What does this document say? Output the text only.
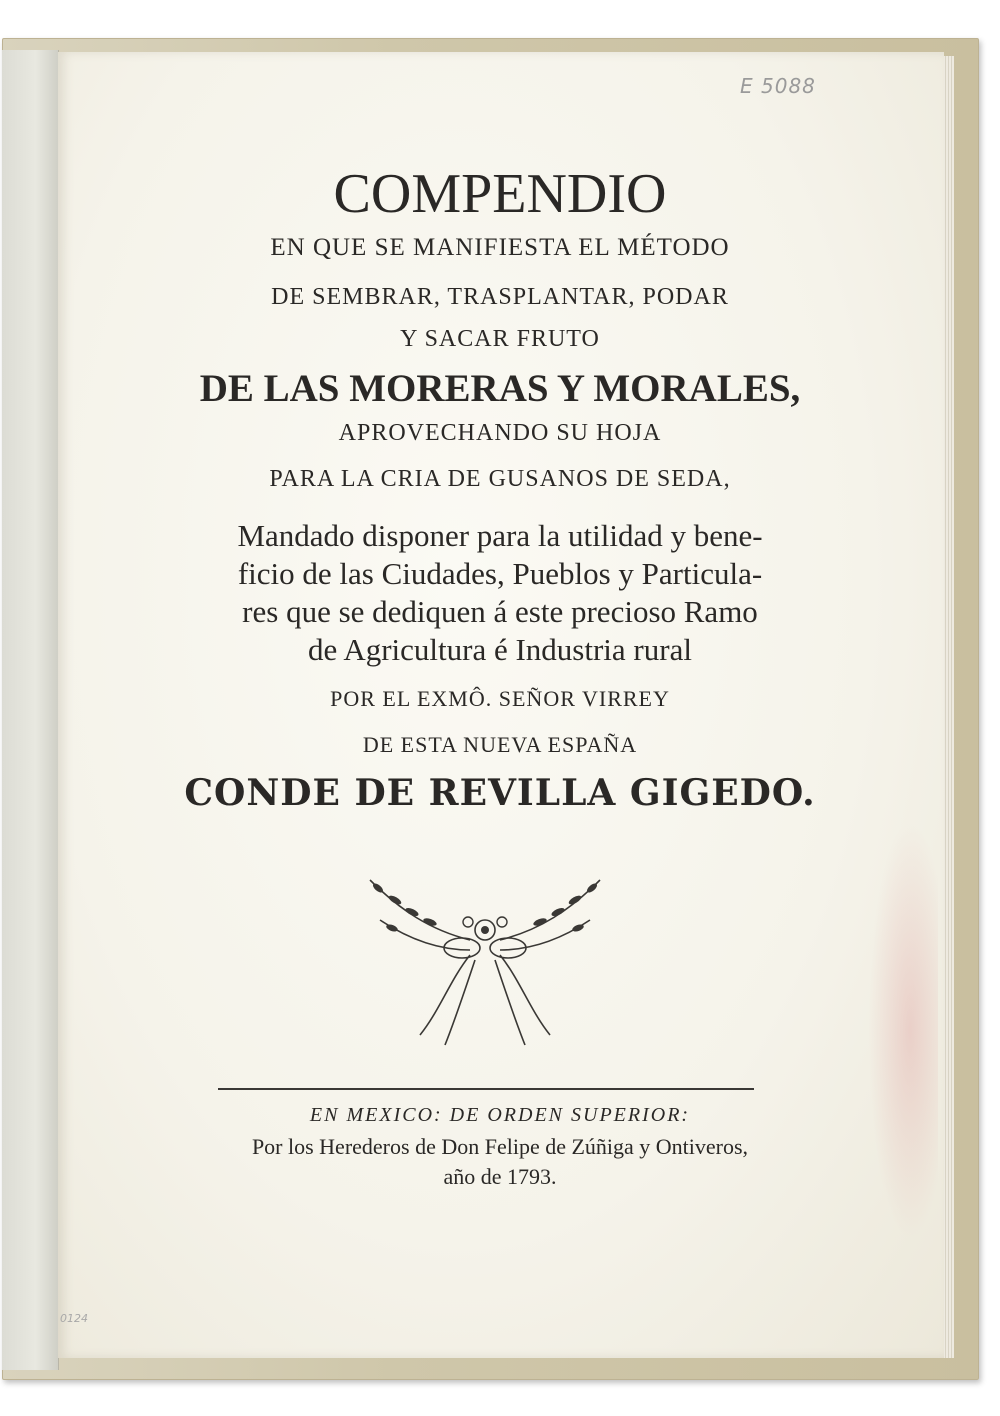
E 5088
0124
COMPENDIO
EN QUE SE MANIFIESTA EL MÉTODO
DE SEMBRAR, TRASPLANTAR, PODAR
Y SACAR FRUTO
DE LAS MORERAS Y MORALES,
APROVECHANDO SU HOJA
PARA LA CRIA DE GUSANOS DE SEDA,
Mandado disponer para la utilidad y bene-
ficio de las Ciudades, Pueblos y Particula-
res que se dediquen á este precioso Ramo
de Agricultura é Industria rural
POR EL EXMÔ. SEÑOR VIRREY
DE ESTA NUEVA ESPAÑA
CONDE DE REVILLA GIGEDO.
EN MEXICO: DE ORDEN SUPERIOR:
Por los Herederos de Don Felipe de Zúñiga y Ontiveros,
año de 1793.
